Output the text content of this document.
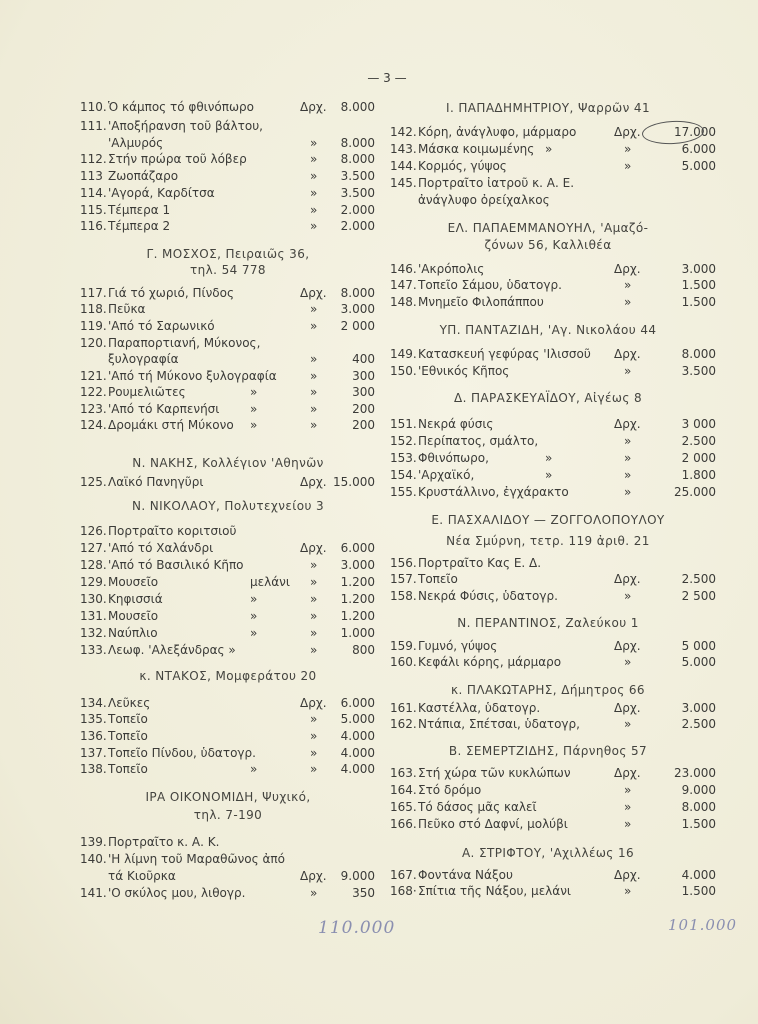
— 3 —
110. Ὁ κάμπος τό φθινόπωρο	Δρχ. 8.000
111. 'Αποξήρανση τοῦ βάλτου,
'Αλμυρός	» 8.000
112. Στήν πρώρα τοῦ λόβερ	» 8.000
113 Ζωοπάζαρο	» 3.500
114. 'Αγορά, Καρδίτσα	» 3.500
115. Τέμπερα 1	» 2.000
116. Τέμπερα 2	» 2.000
Γ. ΜΟΣΧΟΣ, Πειραιῶς 36,
τηλ. 54 778
117. Γιά τό χωριό, Πίνδος	Δρχ. 8.000
118. Πεῦκα	» 3.000
119. 'Από τό Σαρωνικό	» 2 000
120. Παραπορτιανή, Μύκονος,
ξυλογραφία	»	400
121. 'Από τή Μύκονο ξυλογραφία	»	300
122. Ρουμελιῶτες	»	»	300
123. 'Από τό Καρπενήσι	»	»	200
124. Δρομάκι στή Μύκονο »	»	200
Ν. ΝΑΚΗΣ, Κολλέγιον 'Αθηνῶν
125. Λαϊκό Πανηγῦρι	Δρχ. 15.000
Ν. ΝΙΚΟΛΑΟΥ, Πολυτεχνείου 3
126. Πορτραῖτο κοριτσιοῦ
127. 'Από τό Χαλάνδρι	Δρχ. 6.000
128. 'Από τό Βασιλικό Κῆπο	» 3.000
129. Μουσεῖο	μελάνι » 1.200
130. Κηφισσιά	»	» 1.200
131. Μουσεῖο	»	» 1.200
132. Ναύπλιο	»	» 1.000
133. Λεωφ. 'Αλεξάνδρας »	»	800
κ. ΝΤΑΚΟΣ, Μομφεράτου 20
134. Λεῦκες	Δρχ. 6.000
135. Τοπεῖο	» 5.000
136. Τοπεῖο	» 4.000
137. Τοπεῖο Πίνδου, ὑδατογρ.	» 4.000
138. Τοπεῖο	»	» 4.000
ΙΡΑ ΟΙΚΟΝΟΜΙΔΗ, Ψυχικό,
τηλ. 7-190
139. Πορτραῖτο κ. Α. Κ.
140. 'Η λίμνη τοῦ Μαραθῶνος ἀπό
τά Κιοῦρκα	Δρχ. 9.000
141. 'Ο σκύλος μου, λιθογρ.	»	350
Ι. ΠΑΠΑΔΗΜΗΤΡΙΟΥ, Ψαρρῶν 41
142. Κόρη, ἀνάγλυφο, μάρμαρο	Δρχ.	17.000
143. Μάσκα κοιμωμένης »	»	6.000
144. Κορμός, γύψος	»	5.000
145. Πορτραῖτο ἰατροῦ κ. Α. Ε.
ἀνάγλυφο ὀρείχαλκος
ΕΛ. ΠΑΠΑΕΜΜΑΝΟΥΗΛ, 'Αμαζό-
ζόνων 56, Καλλιθέα
146. 'Ακρόπολις	Δρχ.	3.000
147. Τοπεῖο Σάμου, ὑδατογρ.	»	1.500
148. Μνημεῖο Φιλοπάππου	»	1.500
ΥΠ. ΠΑΝΤΑΖΙΔΗ, 'Αγ. Νικολάου 44
149. Κατασκευή γεφύρας 'Ιλισσοῦ Δρχ.	8.000
150. 'Εθνικός Κῆπος	»	3.500
Δ. ΠΑΡΑΣΚΕΥΑΪΔΟΥ, Αἰγέως 8
151. Νεκρά φύσις	Δρχ.	3 000
152. Περίπατος, σμάλτο,	»	2.500
153. Φθινόπωρο,	»	»	2 000
154. 'Αρχαϊκό,	»	»	1.800
155. Κρυστάλλινο, ἐγχάρακτο	»	25.000
Ε. ΠΑΣΧΑΛΙΔΟΥ — ΖΟΓΓΟΛΟΠΟΥΛΟΥ
Νέα Σμύρνη, τετρ. 119 ἀριθ. 21
156. Πορτραῖτο Κας Ε. Δ.
157. Τοπεῖο	Δρχ.	2.500
158. Νεκρά Φύσις, ὑδατογρ.	»	2 500
Ν. ΠΕΡΑΝΤΙΝΟΣ, Ζαλεύκου 1
159. Γυμνό, γύψος	Δρχ.	5 000
160. Κεφάλι κόρης, μάρμαρο	»	5.000
κ. ΠΛΑΚΩΤΑΡΗΣ, Δήμητρος 66
161. Καστέλλα, ὑδατογρ.	Δρχ.	3.000
162. Ντάπια, Σπέτσαι, ὑδατογρ,	»	2.500
Β. ΣΕΜΕΡΤΖΙΔΗΣ, Πάρνηθος 57
163. Στή χώρα τῶν κυκλώπων	Δρχ.	23.000
164. Στό δρόμο	»	9.000
165. Τό δάσος μᾶς καλεῖ	»	8.000
166. Πεῦκο στό Δαφνί, μολύβι	»	1.500
Α. ΣΤΡΙΦΤΟΥ, 'Αχιλλέως 16
167. Φοντάνα Νάξου	Δρχ.	4.000
168· Σπίτια τῆς Νάξου, μελάνι	»	1.500
110.000	101.000
